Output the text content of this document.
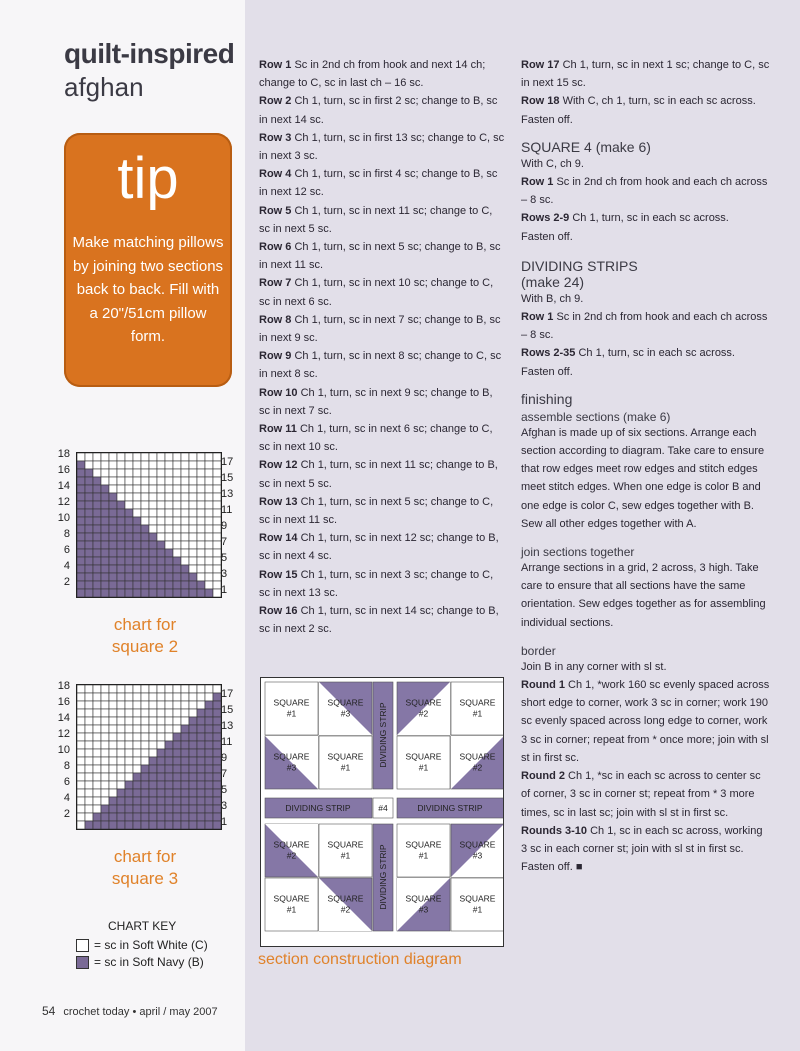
quilt-inspired
afghan
tip
Make matching pillows by joining two sections back to back. Fill with a 20"/51cm pillow form.
18
16
14
12
10
8
6
4
2
17
15
13
11
9
7
5
3
1
chart for
square 2
18
16
14
12
10
8
6
4
2
17
15
13
11
9
7
5
3
1
chart for
square 3
CHART KEY
= sc in Soft White (C)
= sc in Soft Navy (B)
54 crochet today • april / may 2007

Row 1 Sc in 2nd ch from hook and next 14 ch; change to C, sc in last ch – 16 sc.

Row 2 Ch 1, turn, sc in first 2 sc; change to B, sc in next 14 sc.

Row 3 Ch 1, turn, sc in first 13 sc; change to C, sc in next 3 sc.

Row 4 Ch 1, turn, sc in first 4 sc; change to B, sc in next 12 sc.

Row 5 Ch 1, turn, sc in next 11 sc; change to C, sc in next 5 sc.

Row 6 Ch 1, turn, sc in next 5 sc; change to B, sc in next 11 sc.

Row 7 Ch 1, turn, sc in next 10 sc; change to C, sc in next 6 sc.

Row 8 Ch 1, turn, sc in next 7 sc; change to B, sc in next 9 sc.

Row 9 Ch 1, turn, sc in next 8 sc; change to C, sc in next 8 sc.

Row 10 Ch 1, turn, sc in next 9 sc; change to B, sc in next 7 sc.

Row 11 Ch 1, turn, sc in next 6 sc; change to C, sc in next 10 sc.

Row 12 Ch 1, turn, sc in next 11 sc; change to B, sc in next 5 sc.

Row 13 Ch 1, turn, sc in next 5 sc; change to C, sc in next 11 sc.

Row 14 Ch 1, turn, sc in next 12 sc; change to B, sc in next 4 sc.

Row 15 Ch 1, turn, sc in next 3 sc; change to C, sc in next 13 sc.

Row 16 Ch 1, turn, sc in next 14 sc; change to B, sc in next 2 sc.

Row 17 Ch 1, turn, sc in next 1 sc; change to C, sc in next 15 sc.

Row 18 With C, ch 1, turn, sc in each sc across. Fasten off.

SQUARE 4 (make 6)

With C, ch 9.

Row 1 Sc in 2nd ch from hook and each ch across – 8 sc.

Rows 2-9 Ch 1, turn, sc in each sc across.

Fasten off.

DIVIDING STRIPS
(make 24)

With B, ch 9.

Row 1 Sc in 2nd ch from hook and each ch across – 8 sc.

Rows 2-35 Ch 1, turn, sc in each sc across.

Fasten off.

finishing
assemble sections (make 6)

Afghan is made up of six sections. Arrange each section according to diagram. Take care to ensure that row edges meet row edges and stitch edges meet stitch edges. When one edge is color B and one edge is color C, sew edges together with B. Sew all other edges together with A.

join sections together

Arrange sections in a grid, 2 across, 3 high. Take care to ensure that all sections have the same orientation. Sew edges together as for assembling individual sections.

border

Join B in any corner with sl st.

Round 1 Ch 1, *work 160 sc evenly spaced across short edge to corner, work 3 sc in corner; work 190 sc evenly spaced across long edge to corner, work 3 sc in corner; repeat from * once more; join with sl st in first sc.

Round 2 Ch 1, *sc in each sc across to center sc of corner, 3 sc in corner st; repeat from * 3 more times, sc in last sc; join with sl st in first sc.

Rounds 3-10 Ch 1, sc in each sc across, working 3 sc in each corner st; join with sl st in first sc.

Fasten off. ■

SQUARE
#1
SQUARE
#3
SQUARE
#3
SQUARE
#1
SQUARE
#2
SQUARE
#1
SQUARE
#1
SQUARE
#2
SQUARE
#2
SQUARE
#1
SQUARE
#1
SQUARE
#2
SQUARE
#1
SQUARE
#3
SQUARE
#3
SQUARE
#1
DIVIDING STRIP
DIVIDING STRIP
DIVIDING STRIP	DIVIDING STRIP
#4
section construction diagram
